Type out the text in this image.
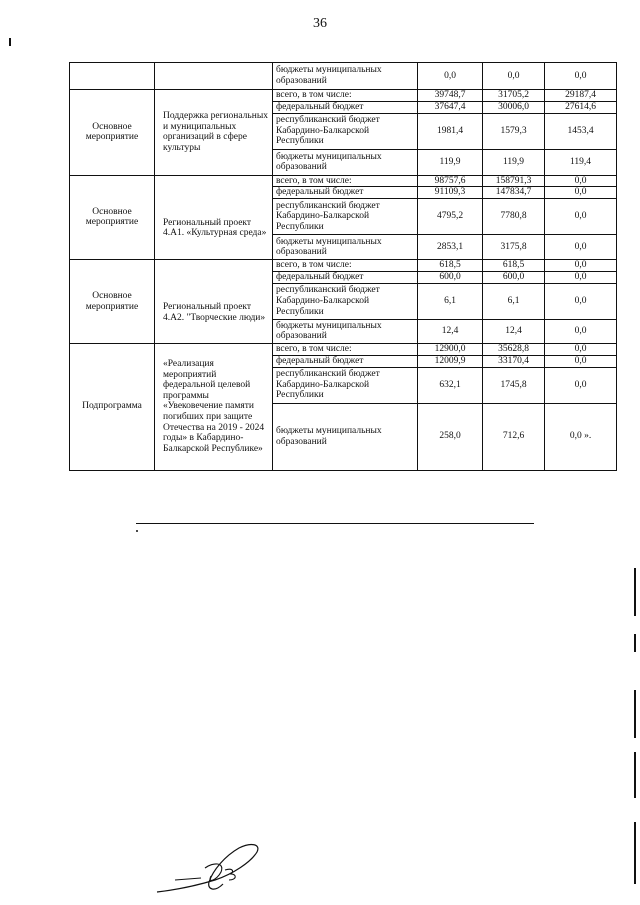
36
		бюджеты муниципальных образований	0,0	0,0	0,0
Основное мероприятие	Поддержка региональных и муниципальных организаций в сфере культуры	всего, в том числе:	39748,7	31705,2	29187,4
		федеральный бюджет	37647,4	30006,0	27614,6
		республиканский бюджет Кабардино-Балкарской Республики	1981,4	1579,3	1453,4
		бюджеты муниципальных образований	119,9	119,9	119,4
Основное мероприятие	Региональный проект 4.А1. «Культурная среда»	всего, в том числе:	98757,6	158791,3	0,0
		федеральный бюджет	91109,3	147834,7	0,0
		республиканский бюджет Кабардино-Балкарской Республики	4795,2	7780,8	0,0
		бюджеты муниципальных образований	2853,1	3175,8	0,0
Основное мероприятие	Региональный проект 4.А2. "Творческие люди»	всего, в том числе:	618,5	618,5	0,0
		федеральный бюджет	600,0	600,0	0,0
		республиканский бюджет Кабардино-Балкарской Республики	6,1	6,1	0,0
		бюджеты муниципальных образований	12,4	12,4	0,0
Подпрограмма	«Реализация мероприятий федеральной целевой программы «Увековечение памяти погибших при защите Отечества на 2019 - 2024 годы» в Кабардино-Балкарской Республике»	всего, в том числе:	12900,0	35628,8	0,0
		федеральный бюджет	12009,9	33170,4	0,0
		республиканский бюджет Кабардино-Балкарской Республики	632,1	1745,8	0,0
		бюджеты муниципальных образований	258,0	712,6	0,0 ».
